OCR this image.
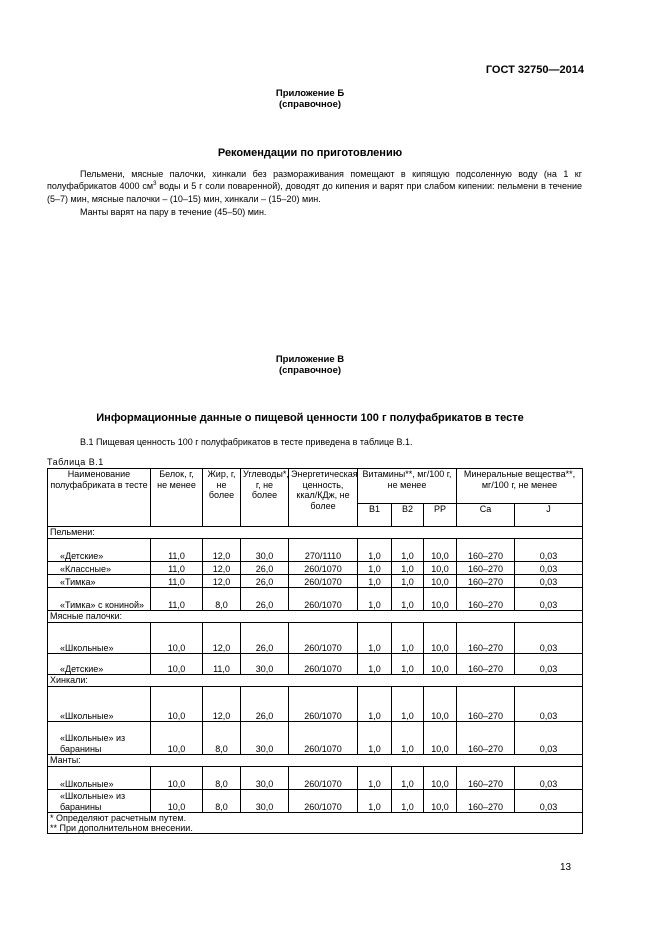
ГОСТ 32750—2014
Приложение Б
(справочное)
Рекомендации по приготовлению
Пельмени, мясные палочки, хинкали без размораживания помещают в кипящую подсоленную воду (на 1 кг полуфабрикатов 4000 $см^3$ воды и 5 г соли поваренной), доводят до кипения и варят при слабом кипении: пельмени в течение (5–7) мин, мясные палочки – (10–15) мин, хинкали – (15–20) мин.
Манты варят на пару в течение (45–50) мин.
Приложение В
(справочное)
Информационные данные о пищевой ценности 100 г полуфабрикатов в тесте
В.1 Пищевая ценность 100 г полуфабрикатов в тесте приведена в таблице В.1.
Таблица В.1
Наименование полуфабриката в тесте	Белок, г, не менее	Жир, г, не более	Углеводы*, г, не более	Энергетическая ценность, ккал/КДж, не более	Витамины**, мг/100 г, не менее			Минеральные вещества**, мг/100 г, не менее	
					В1	В2	РР	Са	J
Пельмени:									
«Детские»	11,0	12,0	30,0	270/1110	1,0	1,0	10,0	160–270	0,03
«Классные»	11,0	12,0	26,0	260/1070	1,0	1,0	10,0	160–270	0,03
«Тимка»	11,0	12,0	26,0	260/1070	1,0	1,0	10,0	160–270	0,03
«Тимка» с кониной»	11,0	8,0	26,0	260/1070	1,0	1,0	10,0	160–270	0,03
Мясные палочки:									
«Школьные»	10,0	12,0	26,0	260/1070	1,0	1,0	10,0	160–270	0,03
«Детские»	10,0	11,0	30,0	260/1070	1,0	1,0	10,0	160–270	0,03
Хинкали:									
«Школьные»	10,0	12,0	26,0	260/1070	1,0	1,0	10,0	160–270	0,03
«Школьные» из баранины	10,0	8,0	30,0	260/1070	1,0	1,0	10,0	160–270	0,03
Манты:									
«Школьные»	10,0	8,0	30,0	260/1070	1,0	1,0	10,0	160–270	0,03
«Школьные» из баранины	10,0	8,0	30,0	260/1070	1,0	1,0	10,0	160–270	0,03
* Определяют расчетным путем.									
** При дополнительном внесении.									
13
